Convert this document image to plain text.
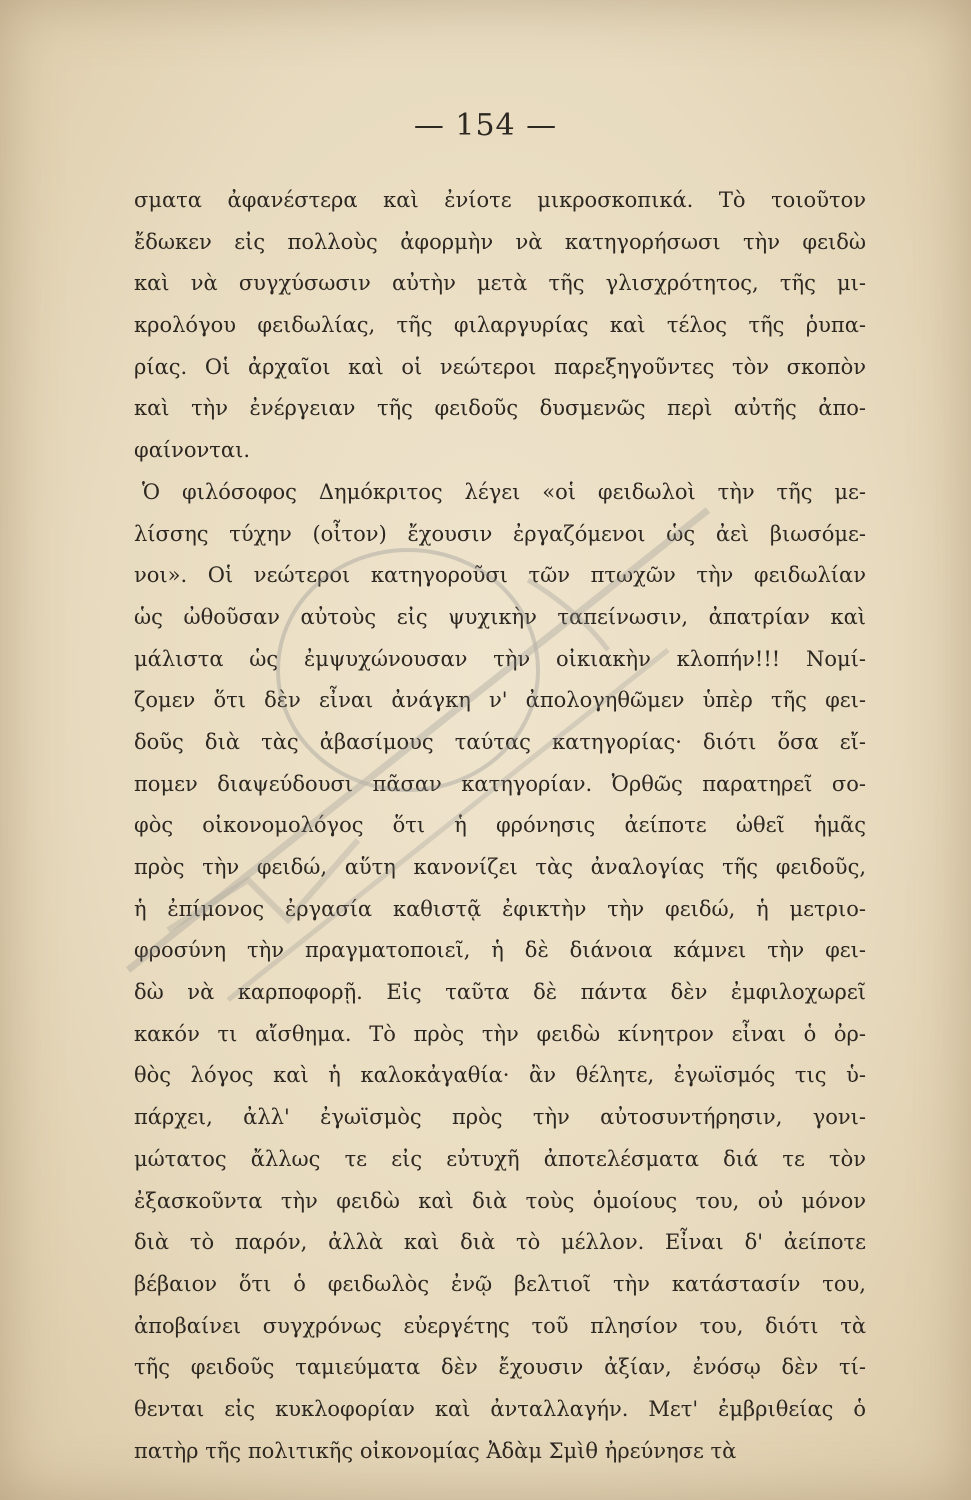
— 154 —
σματα ἀφανέστερα καὶ ἐνίοτε μικροσκοπικά. Τὸ τοιοῦτον
ἔδωκεν εἰς πολλοὺς ἀφορμὴν νὰ κατηγορήσωσι τὴν φειδὼ
καὶ νὰ συγχύσωσιν αὐτὴν μετὰ τῆς γλισχρότητος, τῆς μι-
κρολόγου φειδωλίας, τῆς φιλαργυρίας καὶ τέλος τῆς ῥυπα-
ρίας. Οἱ ἀρχαῖοι καὶ οἱ νεώτεροι παρεξηγοῦντες τὸν σκοπὸν
καὶ τὴν ἐνέργειαν τῆς φειδοῦς δυσμενῶς περὶ αὐτῆς ἀπο-
φαίνονται.
Ὁ φιλόσοφος Δημόκριτος λέγει «οἱ φειδωλοὶ τὴν τῆς με-
λίσσης τύχην (οἶτον) ἔχουσιν ἐργαζόμενοι ὡς ἀεὶ βιωσόμε-
νοι». Οἱ νεώτεροι κατηγοροῦσι τῶν πτωχῶν τὴν φειδωλίαν
ὡς ὠθοῦσαν αὐτοὺς εἰς ψυχικὴν ταπείνωσιν, ἀπατρίαν καὶ
μάλιστα ὡς ἐμψυχώνουσαν τὴν οἰκιακὴν κλοπήν!!! Νομί-
ζομεν ὅτι δὲν εἶναι ἀνάγκη ν' ἀπολογηθῶμεν ὑπὲρ τῆς φει-
δοῦς διὰ τὰς ἀβασίμους ταύτας κατηγορίας· διότι ὅσα εἴ-
πομεν διαψεύδουσι πᾶσαν κατηγορίαν. Ὀρθῶς παρατηρεῖ σο-
φὸς οἰκονομολόγος ὅτι ἡ φρόνησις ἀείποτε ὠθεῖ ἡμᾶς
πρὸς τὴν φειδώ, αὕτη κανονίζει τὰς ἀναλογίας τῆς φειδοῦς,
ἡ ἐπίμονος ἐργασία καθιστᾷ ἐφικτὴν τὴν φειδώ, ἡ μετριο-
φροσύνη τὴν πραγματοποιεῖ, ἡ δὲ διάνοια κάμνει τὴν φει-
δὼ νὰ καρποφορῇ. Εἰς ταῦτα δὲ πάντα δὲν ἐμφιλοχωρεῖ
κακόν τι αἴσθημα. Τὸ πρὸς τὴν φειδὼ κίνητρον εἶναι ὁ ὀρ-
θὸς λόγος καὶ ἡ καλοκἀγαθία· ἂν θέλητε, ἐγωϊσμός τις ὑ-
πάρχει, ἀλλ' ἐγωϊσμὸς πρὸς τὴν αὐτοσυντήρησιν, γονι-
μώτατος ἄλλως τε εἰς εὐτυχῆ ἀποτελέσματα διά τε τὸν
ἐξασκοῦντα τὴν φειδὼ καὶ διὰ τοὺς ὁμοίους του, οὐ μόνον
διὰ τὸ παρόν, ἀλλὰ καὶ διὰ τὸ μέλλον. Εἶναι δ' ἀείποτε
βέβαιον ὅτι ὁ φειδωλὸς ἐνῷ βελτιοῖ τὴν κατάστασίν του,
ἀποβαίνει συγχρόνως εὐεργέτης τοῦ πλησίον του, διότι τὰ
τῆς φειδοῦς ταμιεύματα δὲν ἔχουσιν ἀξίαν, ἐνόσῳ δὲν τί-
θενται εἰς κυκλοφορίαν καὶ ἀνταλλαγήν. Μετ' ἐμβριθείας ὁ
πατὴρ τῆς πολιτικῆς οἰκονομίας Ἀδὰμ Σμὶθ ἠρεύνησε τὰ
